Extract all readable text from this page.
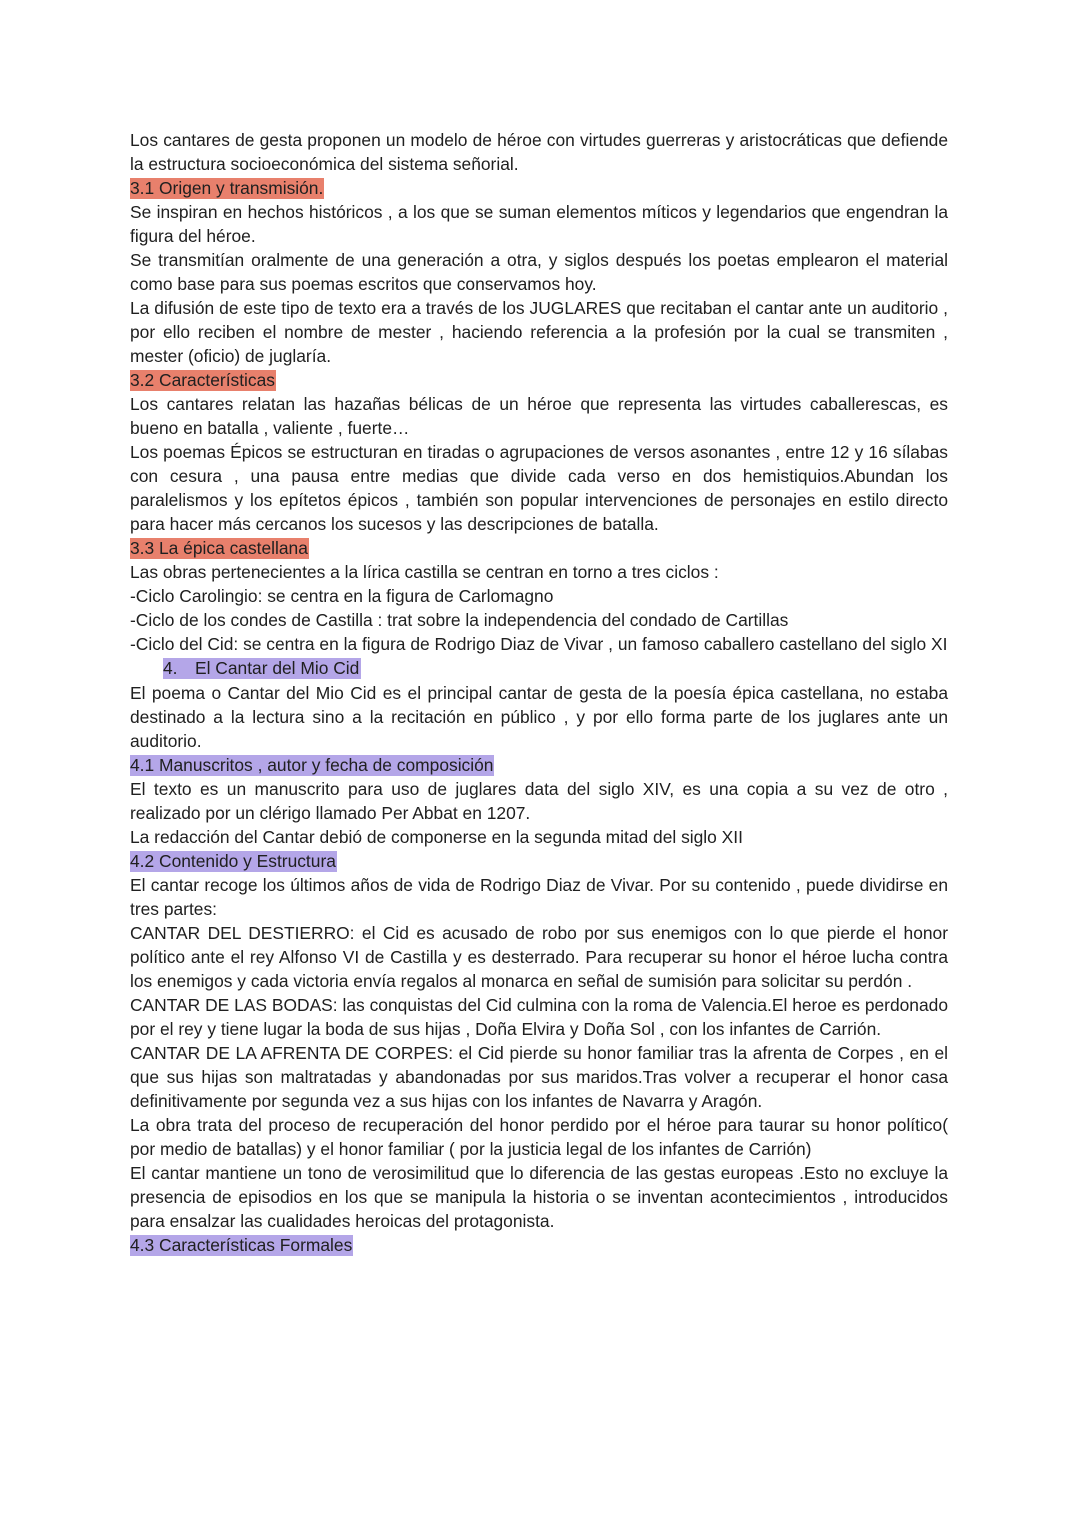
Los cantares de gesta proponen un modelo de héroe con virtudes guerreras y aristocráticas que defiende la estructura socioeconómica del sistema señorial.

3.1 Origen y transmisión.

Se inspiran en hechos históricos , a los que se suman elementos míticos y legendarios que engendran la figura del héroe.

Se transmitían oralmente de una generación a otra, y siglos después los poetas emplearon el material como base para sus poemas escritos que conservamos hoy.

La difusión de este tipo de texto era a través de los JUGLARES que recitaban el cantar ante un auditorio , por ello reciben el nombre de mester , haciendo referencia a la profesión por la cual se transmiten , mester (oficio) de juglaría.

3.2 Características

Los cantares relatan las hazañas bélicas de un héroe que representa las virtudes caballerescas, es bueno en batalla , valiente , fuerte…

Los poemas Épicos se estructuran en tiradas o agrupaciones de versos asonantes , entre 12 y 16 sílabas con cesura , una pausa entre medias que divide cada verso en dos hemistiquios.Abundan los paralelismos y los epítetos épicos , también son popular intervenciones de personajes en estilo directo para hacer más cercanos los sucesos y las descripciones de batalla.

3.3 La épica castellana

Las obras pertenecientes a la lírica castilla se centran en torno a tres ciclos :

-Ciclo Carolingio: se centra en la figura de Carlomagno

-Ciclo de los condes de Castilla : trat sobre la independencia del condado de Cartillas

-Ciclo del Cid: se centra en la figura de Rodrigo Diaz de Vivar , un famoso caballero castellano del siglo XI

4. El Cantar del Mio Cid

El poema o Cantar del Mio Cid es el principal cantar de gesta de la poesía épica castellana, no estaba destinado a la lectura sino a la recitación en público , y por ello forma parte de los juglares ante un auditorio.

4.1 Manuscritos , autor y fecha de composición

El texto es un manuscrito para uso de juglares data del siglo XIV, es una copia a su vez de otro , realizado por un clérigo llamado Per Abbat en 1207.

La redacción del Cantar debió de componerse en la segunda mitad del siglo XII

4.2 Contenido y Estructura

El cantar recoge los últimos años de vida de Rodrigo Diaz de Vivar. Por su contenido , puede dividirse en tres partes:

CANTAR DEL DESTIERRO: el Cid es acusado de robo por sus enemigos con lo que pierde el honor político ante el rey Alfonso VI de Castilla y es desterrado. Para recuperar su honor el héroe lucha contra los enemigos y cada victoria envía regalos al monarca en señal de sumisión para solicitar su perdón .

CANTAR DE LAS BODAS: las conquistas del Cid culmina con la roma de Valencia.El heroe es perdonado por el rey y tiene lugar la boda de sus hijas , Doña Elvira y Doña Sol , con los infantes de Carrión.

CANTAR DE LA AFRENTA DE CORPES: el Cid pierde su honor familiar tras la afrenta de Corpes , en el que sus hijas son maltratadas y abandonadas por sus maridos.Tras volver a recuperar el honor casa definitivamente por segunda vez a sus hijas con los infantes de Navarra y Aragón.

La obra trata del proceso de recuperación del honor perdido por el héroe para taurar su honor político( por medio de batallas) y el honor familiar ( por la justicia legal de los infantes de Carrión)

El cantar mantiene un tono de verosimilitud que lo diferencia de las gestas europeas .Esto no excluye la presencia de episodios en los que se manipula la historia o se inventan acontecimientos , introducidos para ensalzar las cualidades heroicas del protagonista.

4.3 Características Formales
